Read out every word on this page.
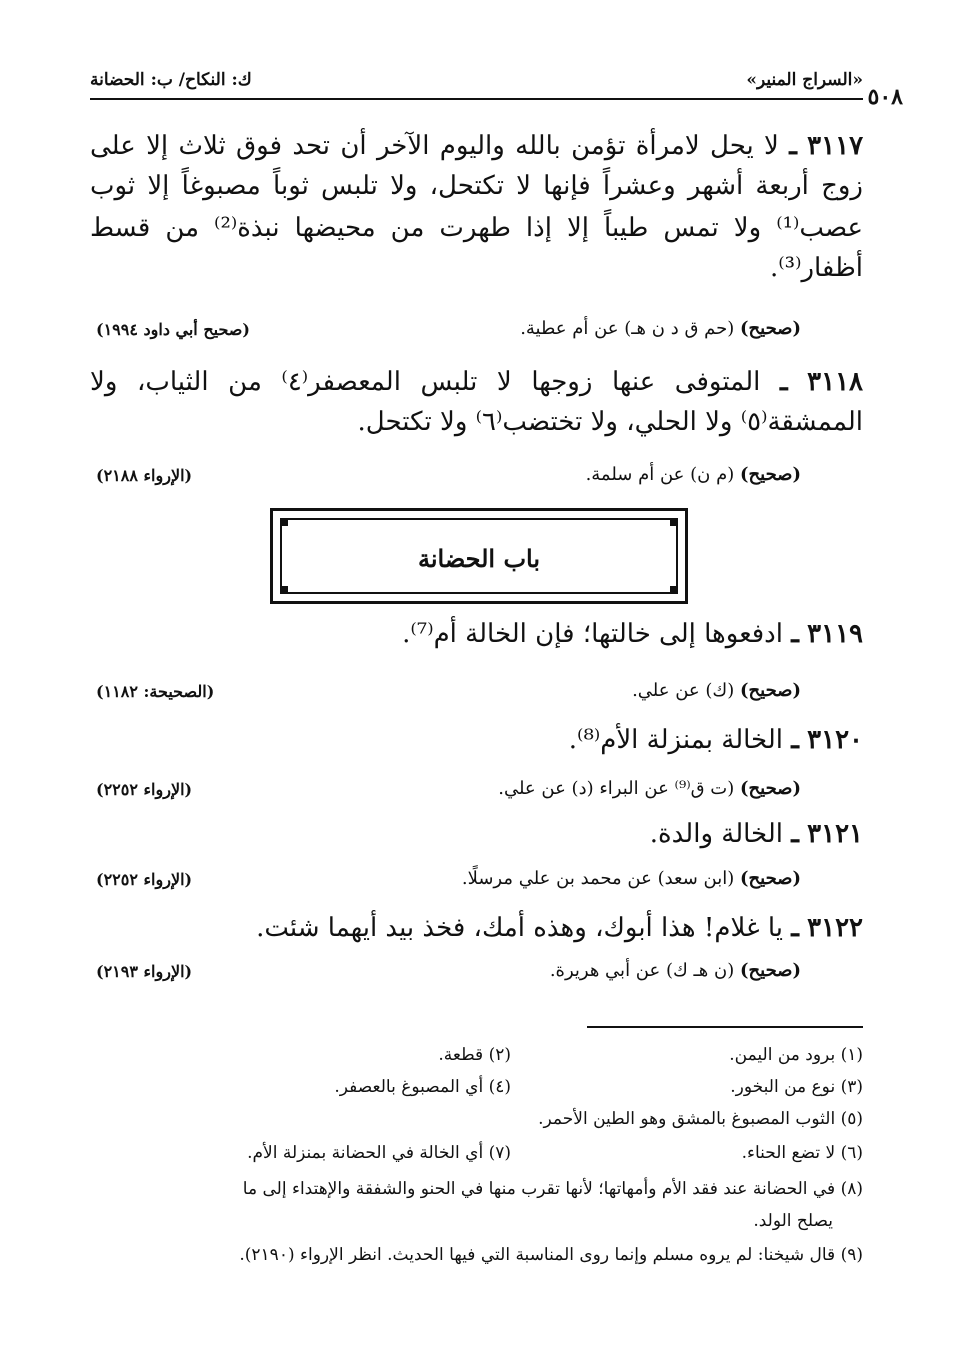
٥٠٨
«السراج المنير»
ك: النكاح/ ب: الحضانة
٣١١٧ ـ لا يحل لامرأة تؤمن بالله واليوم الآخر أن تحد فوق ثلاث إلا على
زوج أربعة أشهر وعشراً فإنها لا تكتحل، ولا تلبس ثوباً مصبوغاً إلا ثوب
عصب⁽¹⁾ ولا تمس طيباً إلا إذا طهرت من محيضها نبذة⁽²⁾ من قسط
أظفار⁽³⁾.
(صحيح) (حم ق د ن هـ) عن أم عطية.
(صحيح أبي داود ١٩٩٤)
٣١١٨ ـ المتوفى عنها زوجها لا تلبس المعصفر⁽٤⁾ من الثياب، ولا
الممشقة⁽٥⁾ ولا الحلي، ولا تختضب⁽٦⁾ ولا تكتحل.
(صحيح) (م ن) عن أم سلمة.
(الإرواء ٢١٨٨)
باب الحضانة
٣١١٩ ـ ادفعوها إلى خالتها؛ فإن الخالة أم⁽⁷⁾.
(صحيح) (ك) عن علي.
(الصحيحة: ١١٨٢)
٣١٢٠ ـ الخالة بمنزلة الأم⁽⁸⁾.
(صحيح) (ت ق⁽⁹⁾ عن البراء (د) عن علي.
(الإرواء ٢٢٥٢)
٣١٢١ ـ الخالة والدة.
(صحيح) (ابن سعد) عن محمد بن علي مرسلًا.
(الإرواء ٢٢٥٢)
٣١٢٢ ـ يا غلام! هذا أبوك، وهذه أمك، فخذ بيد أيهما شئت.
(صحيح) (ن هـ ك) عن أبي هريرة.
(الإرواء ٢١٩٣)
(١) برود من اليمن.
(٢) قطعة.
(٣) نوع من البخور.
(٤) أي المصبوغ بالعصفر.
(٥) الثوب المصبوغ بالمشق وهو الطين الأحمر.
(٦) لا تضع الحناء.
(٧) أي الخالة في الحضانة بمنزلة الأم.
(٨) في الحضانة عند فقد الأم وأمهاتها؛ لأنها تقرب منها في الحنو والشفقة والإهتداء إلى ما
يصلح الولد.
(٩) قال شيخنا: لم يروه مسلم وإنما روى المناسبة التي فيها الحديث. انظر الإرواء (٢١٩٠).
